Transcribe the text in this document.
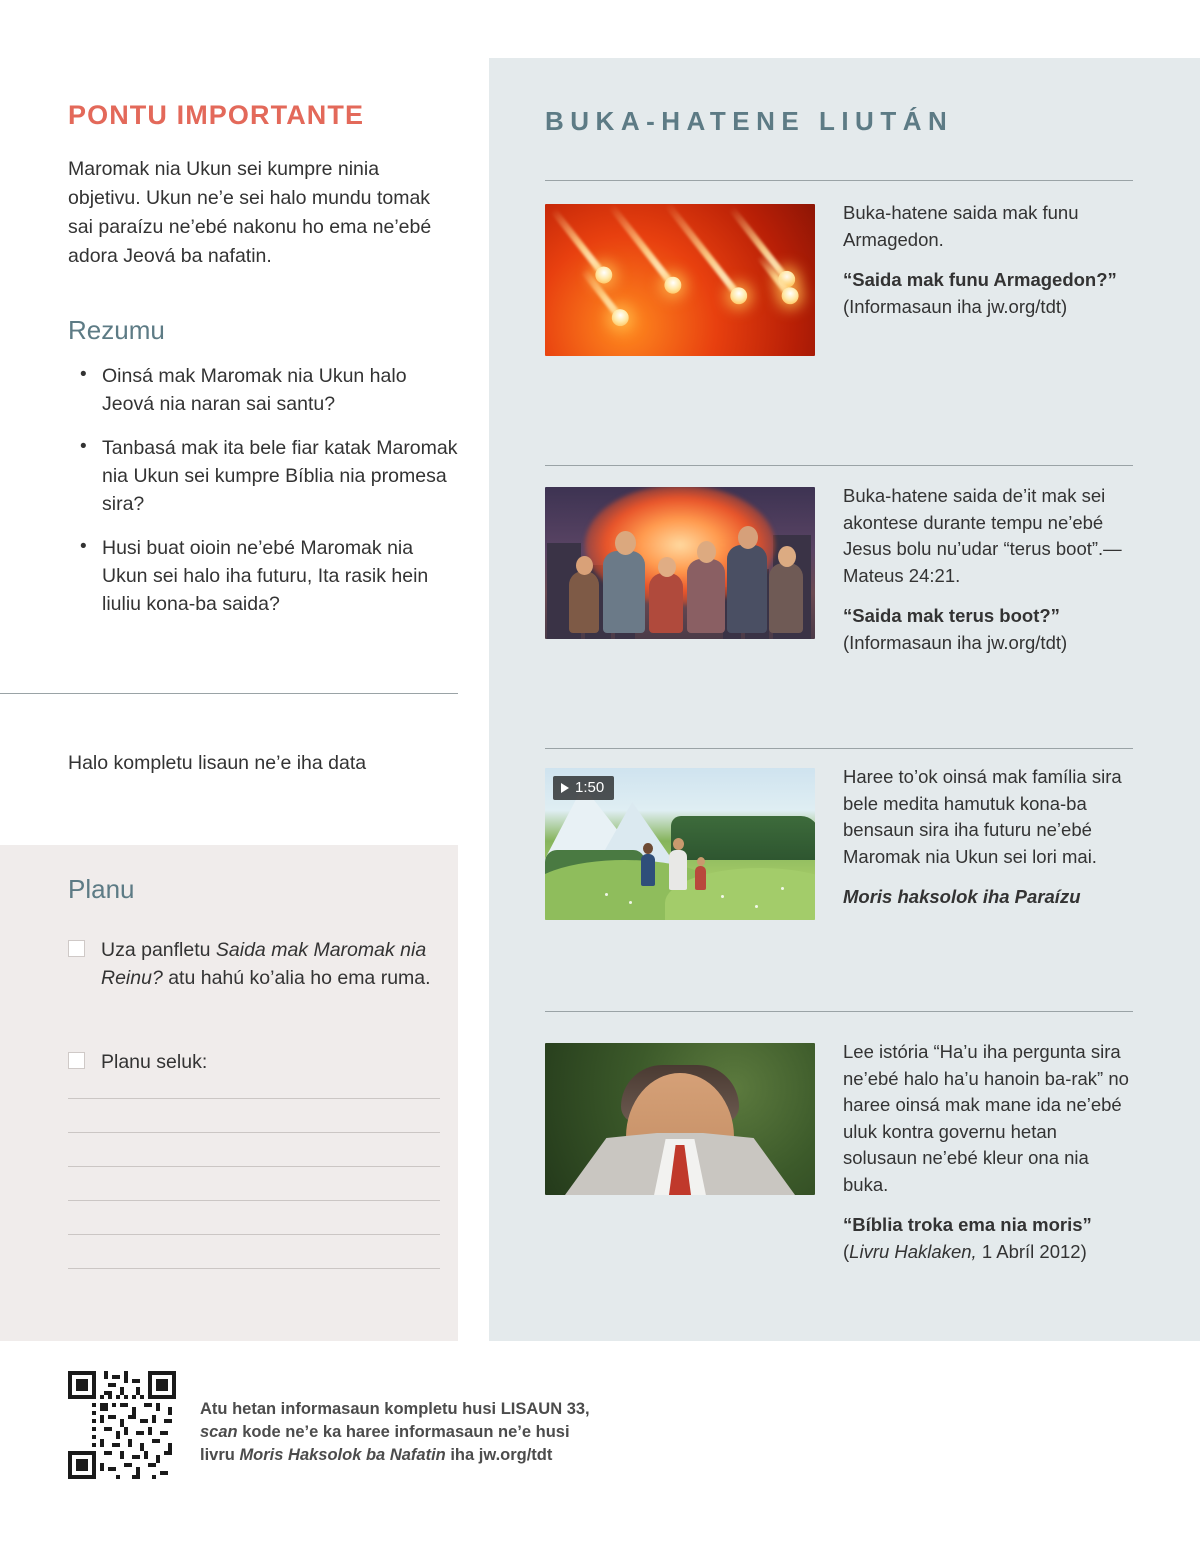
PONTU IMPORTANTE

Maromak nia Ukun sei kumpre ninia objetivu. Ukun ne’e sei halo mundu tomak sai paraízu ne’ebé nakonu ho ema ne’ebé adora Jeová ba nafatin.

Rezumu
• Oinsá mak Maromak nia Ukun halo Jeová nia naran sai santu?
• Tanbasá mak ita bele fiar katak Maromak nia Ukun sei kumpre Bíblia nia promesa sira?
• Husi buat oioin ne’ebé Maromak nia Ukun sei halo iha futuru, Ita rasik hein liuliu kona-ba saida?
Halo kompletu lisaun ne’e iha data
Planu
Uza panfletu Saida mak Maromak nia Reinu? atu hahú ko’alia ho ema ruma.
Planu seluk:
BUKA-HATENE LIUTÁN

Buka-hatene saida mak funu Armagedon.

“Saida mak funu Armagedon?”
(Informasaun iha jw.org/tdt)

Buka-hatene saida de’it mak sei akontese durante tempu ne’ebé Jesus bolu nu’udar “terus boot”.—Mateus 24:21.

“Saida mak terus boot?”
(Informasaun iha jw.org/tdt)
1:50

Haree to’ok oinsá mak família sira bele medita hamutuk kona-ba bensaun sira iha futuru ne’ebé Maromak nia Ukun sei lori mai.

Moris haksolok iha Paraízu

Lee istória “Ha’u iha pergunta sira ne’ebé halo ha’u hanoin ba-rak” no haree oinsá mak mane ida ne’ebé uluk kontra governu hetan solusaun ne’ebé kleur ona nia buka.

“Bíblia troka ema nia moris”
(Livru Haklaken, 1 Abríl 2012)
Atu hetan informasaun kompletu husi LISAUN 33,
scan kode ne’e ka haree informasaun ne’e husi
livru Moris Haksolok ba Nafatin iha jw.org/tdt
